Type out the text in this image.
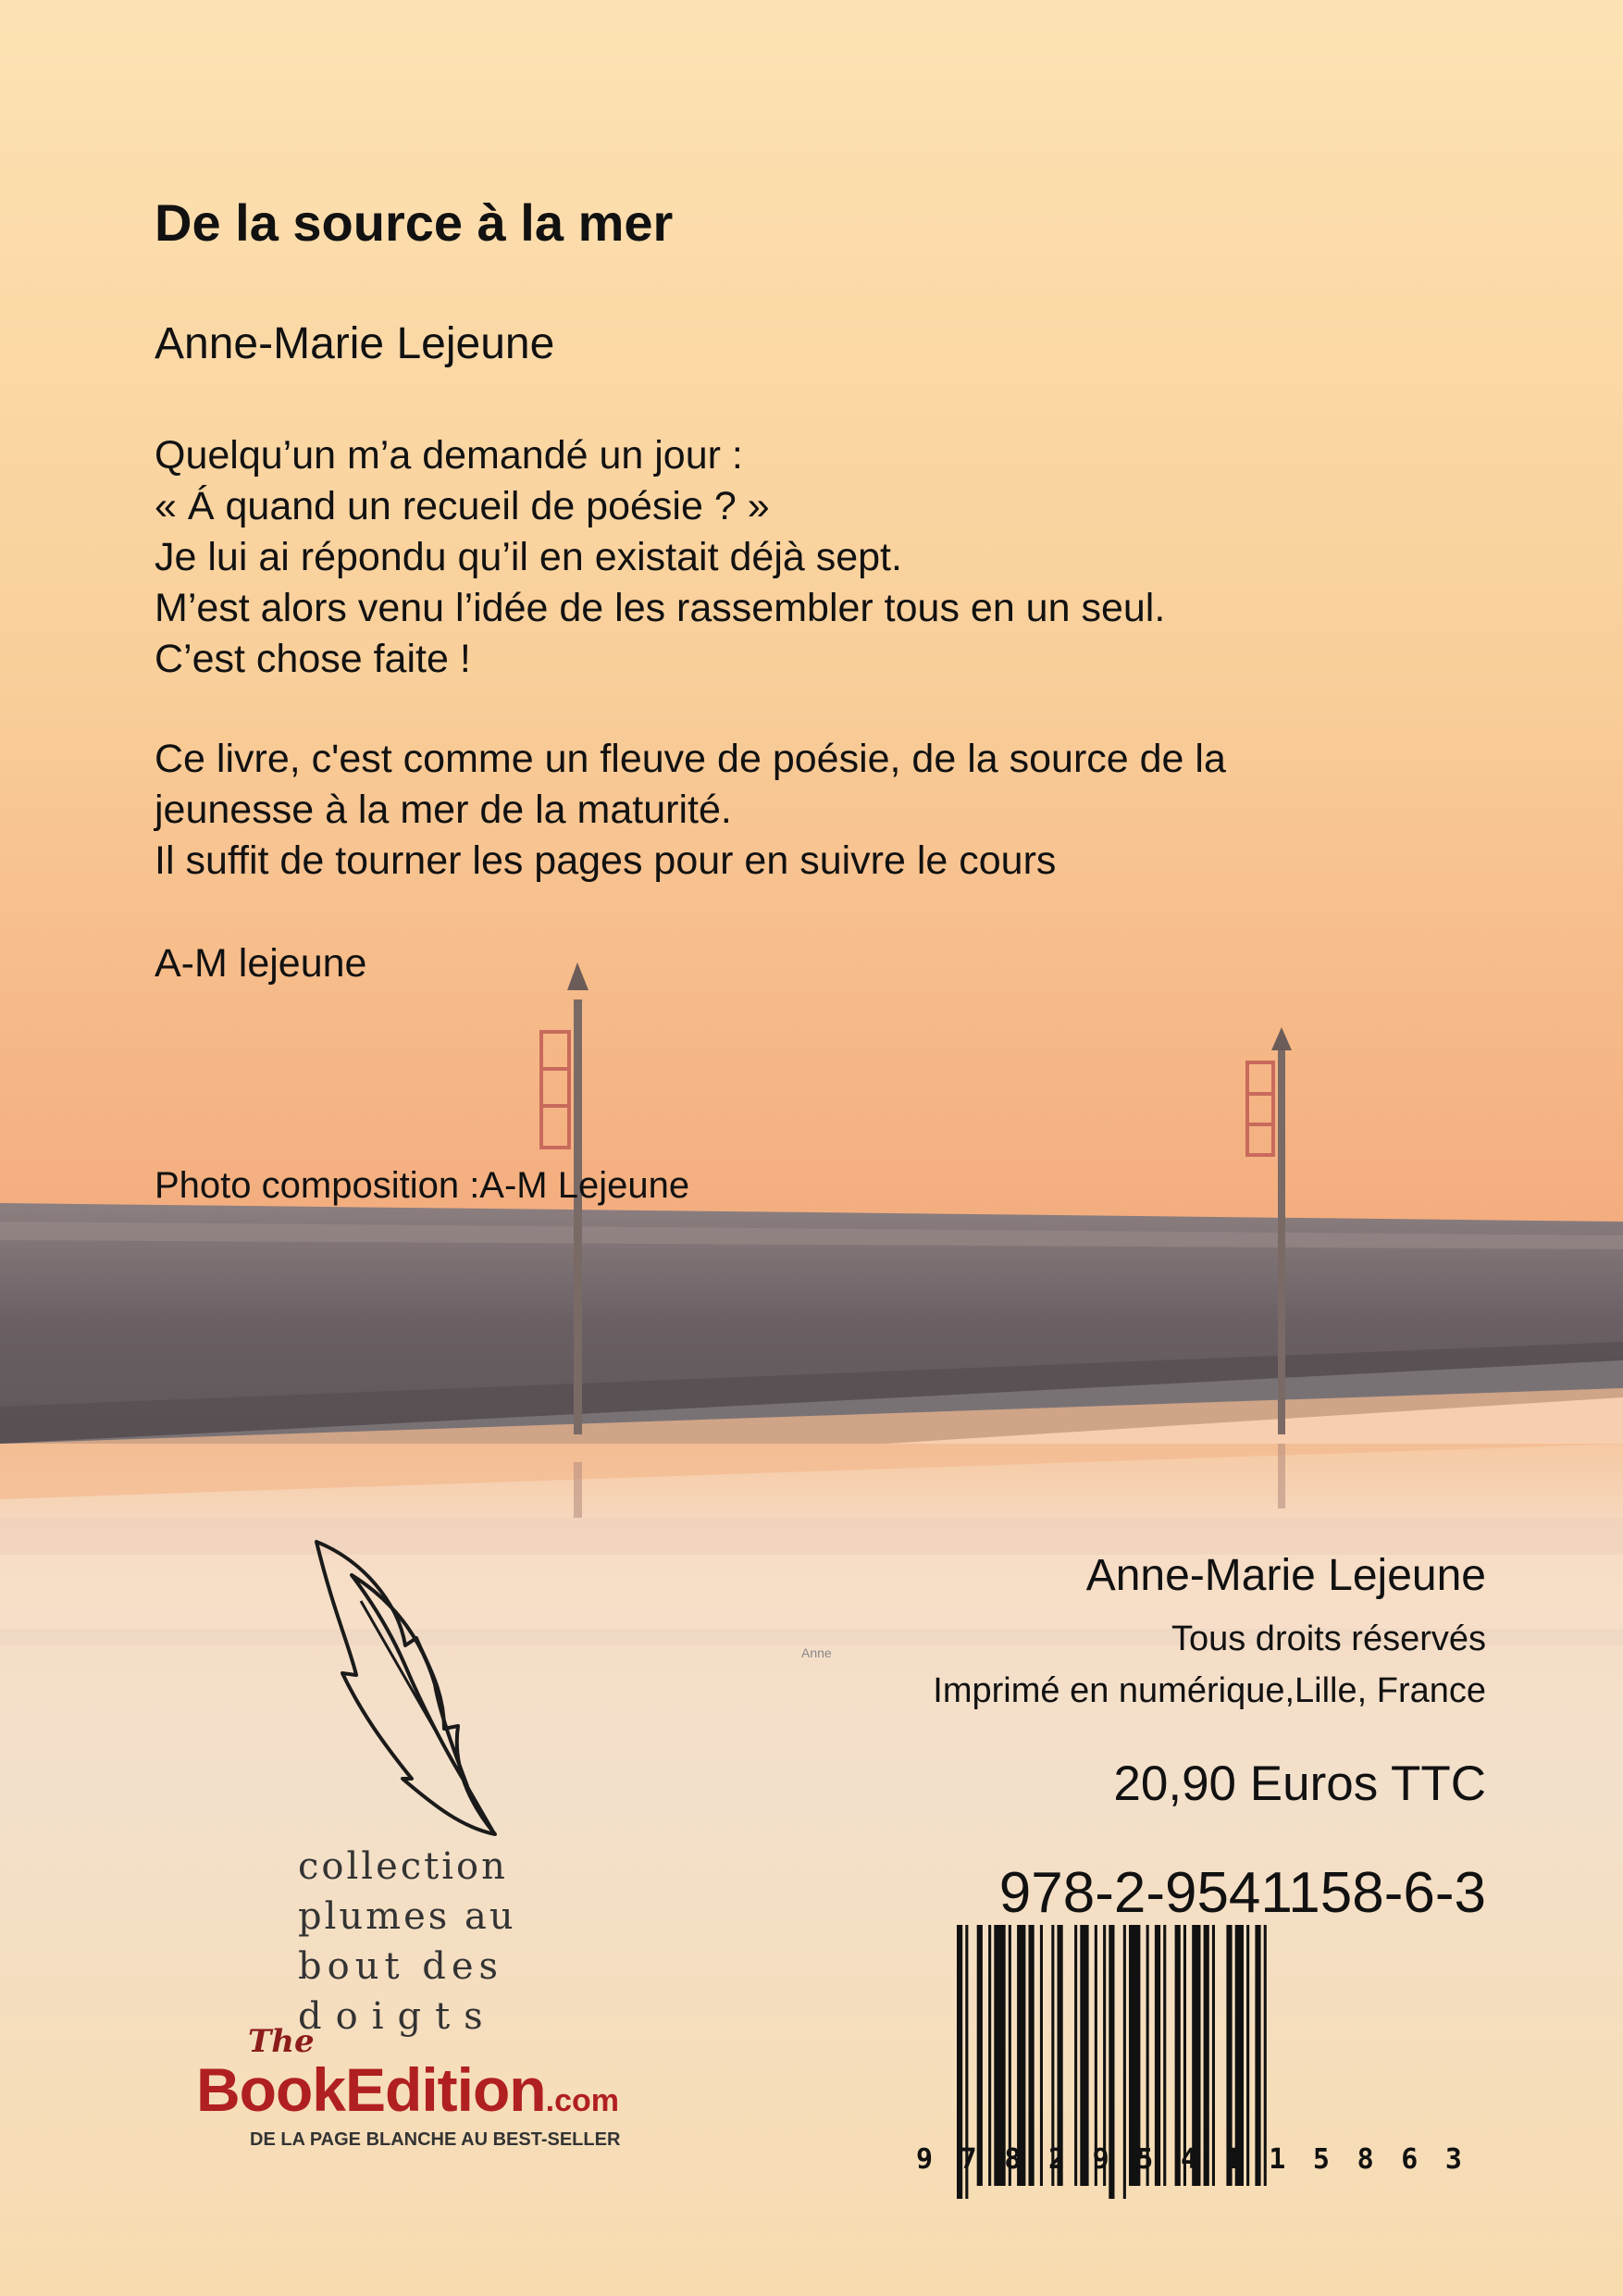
De la source à la mer
Anne-Marie Lejeune
Quelqu’un m’a demandé un jour :
« Á quand un recueil de poésie ? »
Je lui ai répondu qu’il en existait déjà sept.
M’est alors venu l’idée de les rassembler tous en un seul.
C’est chose faite !
Ce livre, c'est comme un fleuve de poésie, de la source de la
jeunesse à la mer de la maturité.
Il suffit de tourner les pages pour en suivre le cours
A-M lejeune
Photo composition :A-M Lejeune
Anne-Marie Lejeune
Tous droits réservés
Anne
Imprimé en numérique,Lille, France
20,90 Euros TTC
978-2-9541158-6-3
collection
plumes au
bout des
doigts
The
BookEdition.com
DE LA PAGE BLANCHE AU BEST-SELLER
9 7 8 2 9 5 4 1 1 5 8 6 3
